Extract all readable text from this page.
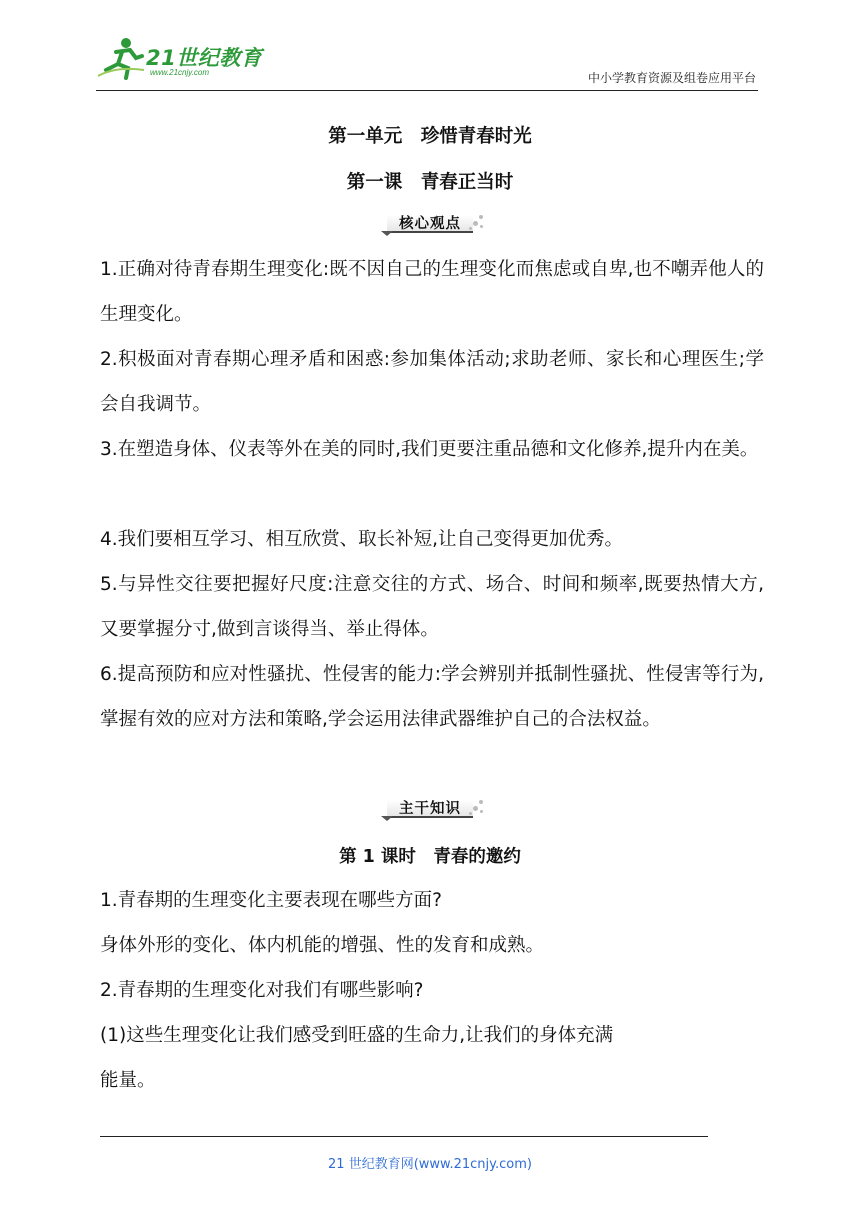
21世纪教育
www.21cnjy.com	中小学教育资源及组卷应用平台
第一单元　珍惜青春时光
第一课　青春正当时
核心观点
1.正确对待青春期生理变化:既不因自己的生理变化而焦虑或自卑,也不嘲弄他人的生理变化。
2.积极面对青春期心理矛盾和困惑:参加集体活动;求助老师、家长和心理医生;学会自我调节。
3.在塑造身体、仪表等外在美的同时,我们更要注重品德和文化修养,提升内在美。
4.我们要相互学习、相互欣赏、取长补短,让自己变得更加优秀。
5.与异性交往要把握好尺度:注意交往的方式、场合、时间和频率,既要热情大方,又要掌握分寸,做到言谈得当、举止得体。
6.提高预防和应对性骚扰、性侵害的能力:学会辨别并抵制性骚扰、性侵害等行为,掌握有效的应对方法和策略,学会运用法律武器维护自己的合法权益。
主干知识
第 1 课时　青春的邀约
1.青春期的生理变化主要表现在哪些方面?
身体外形的变化、体内机能的增强、性的发育和成熟。
2.青春期的生理变化对我们有哪些影响?
(1)这些生理变化让我们感受到旺盛的生命力,让我们的身体充满
能量。
21 世纪教育网(www.21cnjy.com)
